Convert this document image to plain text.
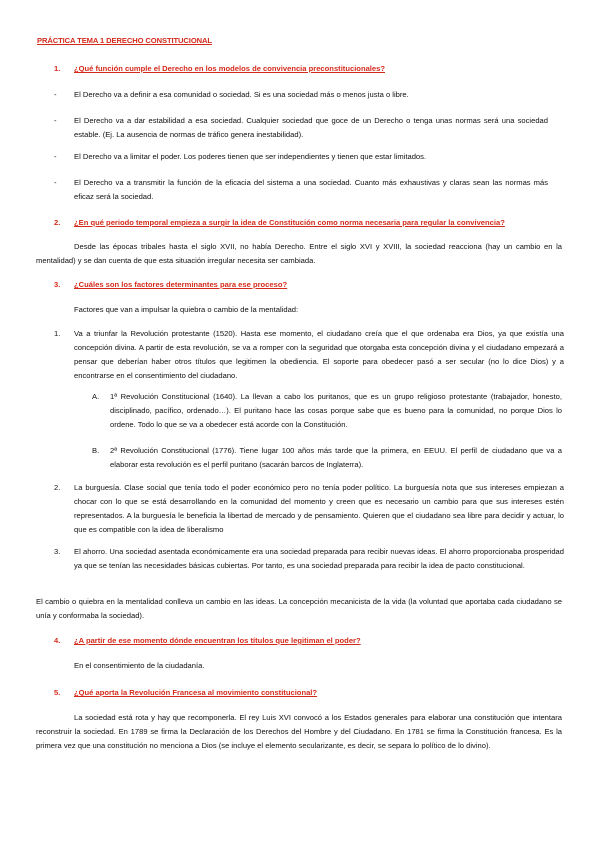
PRÁCTICA TEMA 1 DERECHO CONSTITUCIONAL
1.	¿Qué función cumple el Derecho en los modelos de convivencia preconstitucionales?
- El Derecho va a definir a esa comunidad o sociedad. Si es una sociedad más o menos justa o libre.
- El Derecho va a dar estabilidad a esa sociedad. Cualquier sociedad que goce de un Derecho o tenga unas normas será una sociedad estable. (Ej. La ausencia de normas de tráfico genera inestabilidad).
- El Derecho va a limitar el poder. Los poderes tienen que ser independientes y tienen que estar limitados.
- El Derecho va a transmitir la función de la eficacia del sistema a una sociedad. Cuanto más exhaustivas y claras sean las normas más eficaz será la sociedad.
2.	¿En qué periodo temporal empieza a surgir la idea de Constitución como norma necesaria para regular la convivencia?
Desde las épocas tribales hasta el siglo XVII, no había Derecho. Entre el siglo XVI y XVIII, la sociedad reacciona (hay un cambio en la mentalidad) y se dan cuenta de que esta situación irregular necesita ser cambiada.
3.	¿Cuáles son los factores determinantes para ese proceso?
Factores que van a impulsar la quiebra o cambio de la mentalidad:
1. Va a triunfar la Revolución protestante (1520). Hasta ese momento, el ciudadano creía que el que ordenaba era Dios, ya que existía una concepción divina. A partir de esta revolución, se va a romper con la seguridad que otorgaba esta concepción divina y el ciudadano empezará a pensar que deberían haber otros títulos que legitimen la obediencia. El soporte para obedecer pasó a ser secular (no lo dice Dios) y a encontrarse en el consentimiento del ciudadano.
A. 1ª Revolución Constitucional (1640). La llevan a cabo los puritanos, que es un grupo religioso protestante (trabajador, honesto, disciplinado, pacífico, ordenado…). El puritano hace las cosas porque sabe que es bueno para la comunidad, no porque Dios lo ordene. Todo lo que se va a obedecer está acorde con la Constitución.
B. 2ª Revolución Constitucional (1776). Tiene lugar 100 años más tarde que la primera, en EEUU. El perfil de ciudadano que va a elaborar esta revolución es el perfil puritano (sacarán barcos de Inglaterra).
2. La burguesía. Clase social que tenía todo el poder económico pero no tenía poder político. La burguesía nota que sus intereses empiezan a chocar con lo que se está desarrollando en la comunidad del momento y creen que es necesario un cambio para que sus intereses estén representados. A la burguesía le beneficia la libertad de mercado y de pensamiento. Quieren que el ciudadano sea libre para decidir y actuar, lo que es compatible con la idea de liberalismo
3. El ahorro. Una sociedad asentada económicamente era una sociedad preparada para recibir nuevas ideas. El ahorro proporcionaba prosperidad ya que se tenían las necesidades básicas cubiertas. Por tanto, es una sociedad preparada para recibir la idea de pacto constitucional.
El cambio o quiebra en la mentalidad conlleva un cambio en las ideas. La concepción mecanicista de la vida (la voluntad que aportaba cada ciudadano se unía y conformaba la sociedad).
4.	¿A partir de ese momento dónde encuentran los títulos que legitiman el poder?
En el consentimiento de la ciudadanía.
5.	¿Qué aporta la Revolución Francesa al movimiento constitucional?
La sociedad está rota y hay que recomponerla. El rey Luis XVI convocó a los Estados generales para elaborar una constitución que intentara reconstruir la sociedad. En 1789 se firma la Declaración de los Derechos del Hombre y del Ciudadano. En 1781 se firma la Constitución francesa. Es la primera vez que una constitución no menciona a Dios (se incluye el elemento secularizante, es decir, se separa lo político de lo divino).
